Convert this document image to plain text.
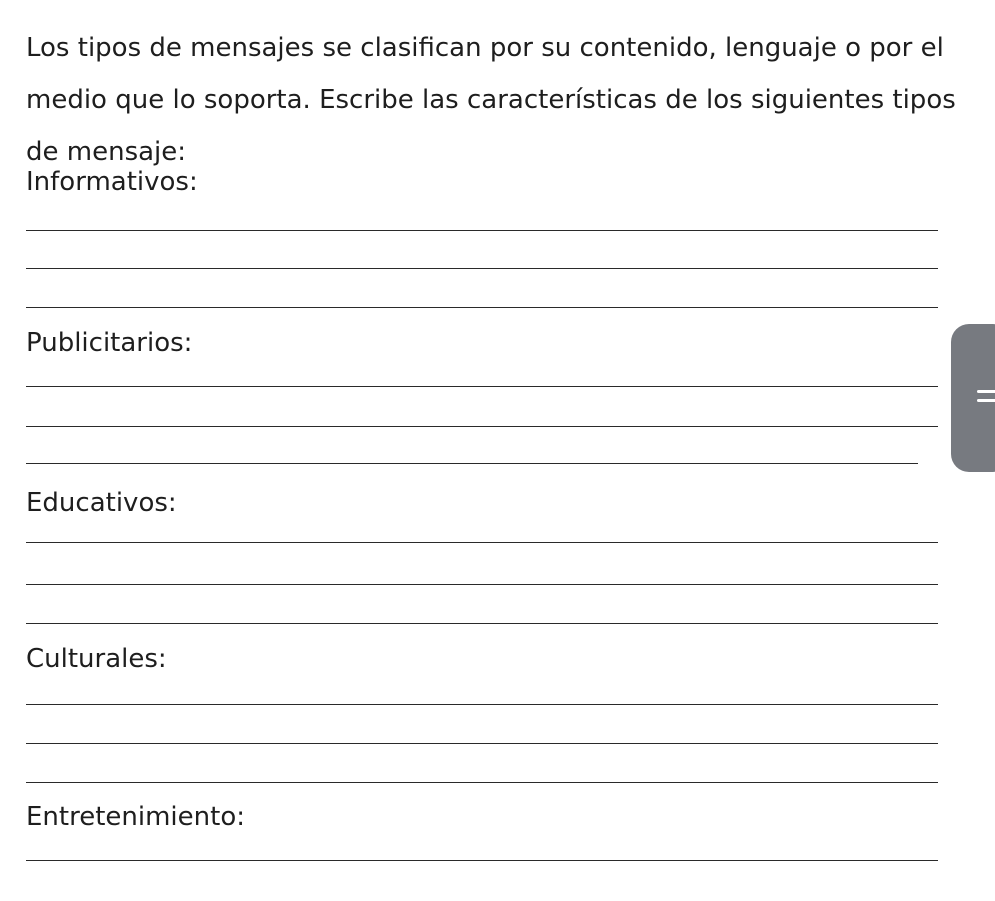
Los tipos de mensajes se clasifican por su contenido, lenguaje o por el medio que lo soporta. Escribe las características de los siguientes tipos de mensaje:

Informativos:
Publicitarios:
Educativos:
Culturales:
Entretenimiento:
